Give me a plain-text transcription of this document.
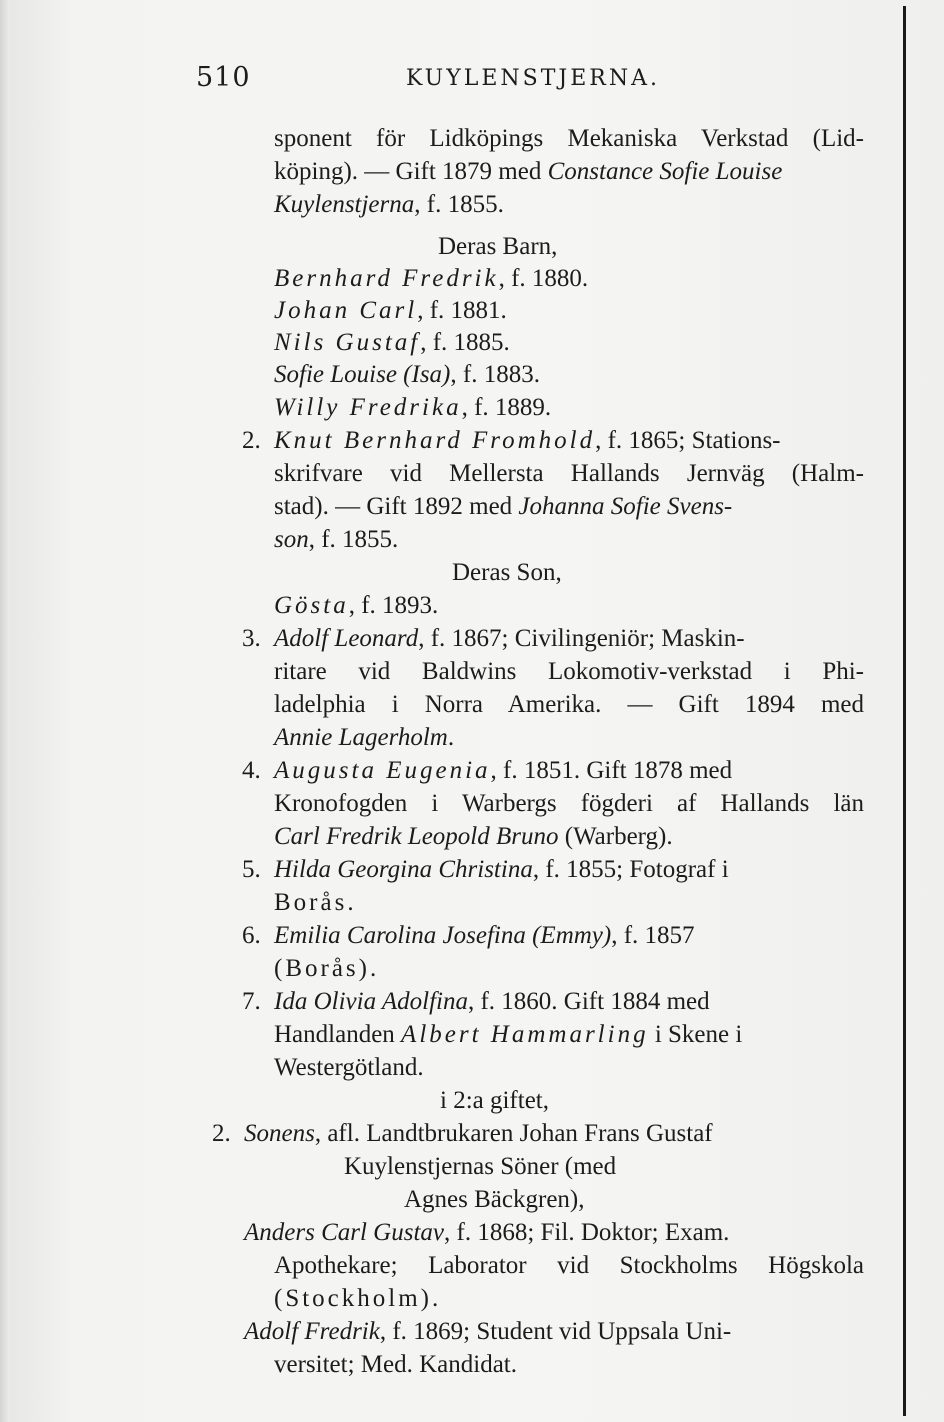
510	KUYLENSTJERNA.
sponent för Lidköpings Mekaniska Verkstad (Lid-
köping). — Gift 1879 med Constance Sofie Louise
Kuylenstjerna, f. 1855.
Deras Barn,
Bernhard Fredrik, f. 1880.
Johan Carl, f. 1881.
Nils Gustaf, f. 1885.
Sofie Louise (Isa), f. 1883.
Willy Fredrika, f. 1889.
2. Knut Bernhard Fromhold, f. 1865; Stations-
skrifvare vid Mellersta Hallands Jernväg (Halm-
stad). — Gift 1892 med Johanna Sofie Svens-
son, f. 1855.
Deras Son,
Gösta, f. 1893.
3. Adolf Leonard, f. 1867; Civilingeniör; Maskin-
ritare vid Baldwins Lokomotiv-verkstad i Phi-
ladelphia i Norra Amerika. — Gift 1894 med
Annie Lagerholm.
4. Augusta Eugenia, f. 1851. Gift 1878 med
Kronofogden i Warbergs fögderi af Hallands län
Carl Fredrik Leopold Bruno (Warberg).
5. Hilda Georgina Christina, f. 1855; Fotograf i
Borås.
6. Emilia Carolina Josefina (Emmy), f. 1857
(Borås).
7. Ida Olivia Adolfina, f. 1860. Gift 1884 med
Handlanden Albert Hammarling i Skene i
Westergötland.
i 2:a giftet,
2. Sonens, afl. Landtbrukaren Johan Frans Gustaf
Kuylenstjernas Söner (med
Agnes Bäckgren),
Anders Carl Gustav, f. 1868; Fil. Doktor; Exam.
Apothekare; Laborator vid Stockholms Högskola
(Stockholm).
Adolf Fredrik, f. 1869; Student vid Uppsala Uni-
versitet; Med. Kandidat.
